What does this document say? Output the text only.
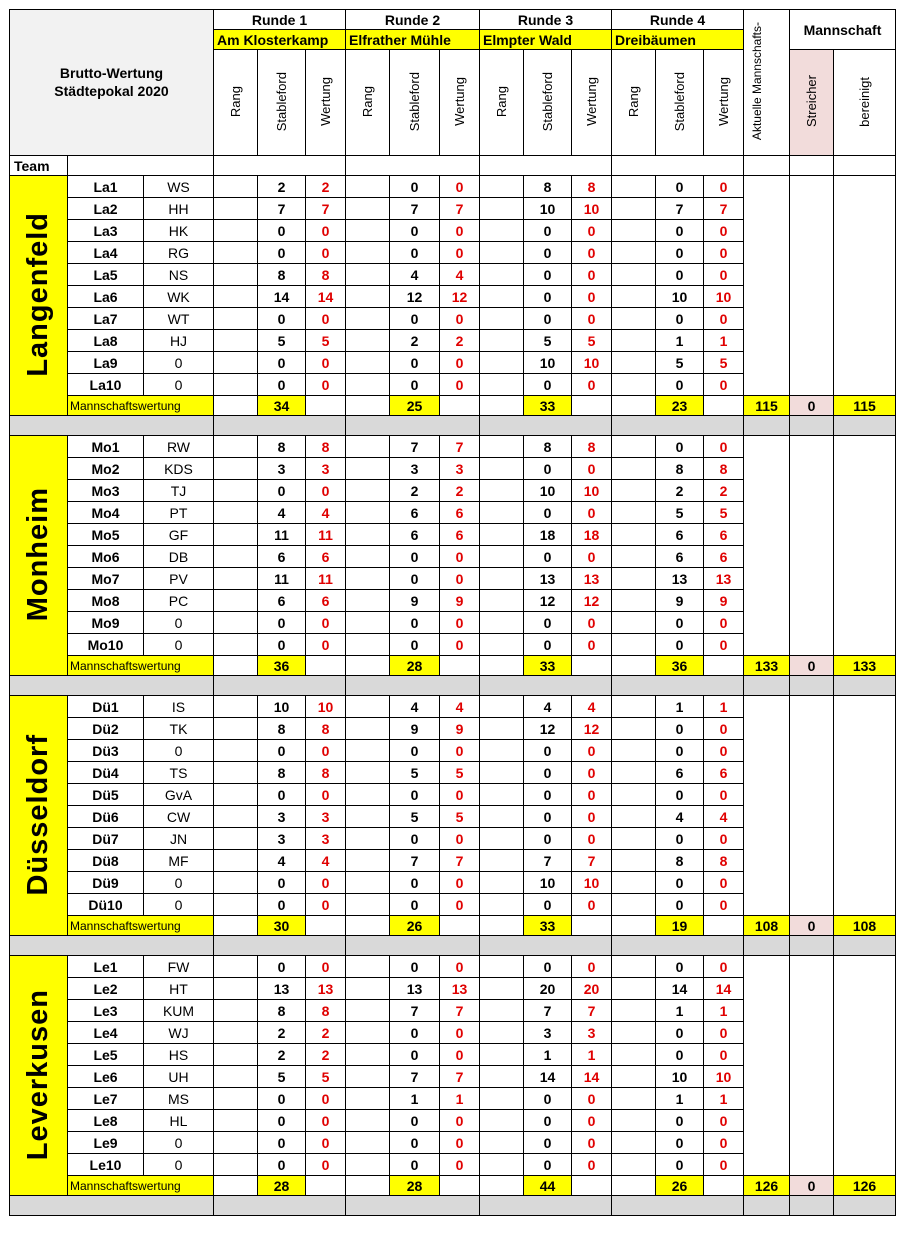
Brutto-Wertung
Städtepokal 2020			Runde 1			Runde 2			Runde 3			Runde 4			Aktuelle Mannschafts-	Mannschaft	
			Am Klosterkamp			Elfrather Mühle			Elmpter Wald			Dreibäumen					
			Rang	Stableford	Wertung	Rang	Stableford	Wertung	Rang	Stableford	Wertung	Rang	Stableford	Wertung		Streicher	bereinigt
Team																	
Langenfeld	La1	WS		2	2		0	0		8	8		0	0			
	La2	HH		7	7		7	7		10	10		7	7			
	La3	HK		0	0		0	0		0	0		0	0			
	La4	RG		0	0		0	0		0	0		0	0			
	La5	NS		8	8		4	4		0	0		0	0			
	La6	WK		14	14		12	12		0	0		10	10			
	La7	WT		0	0		0	0		0	0		0	0			
	La8	HJ		5	5		2	2		5	5		1	1			
	La9	0		0	0		0	0		10	10		5	5			
	La10	0		0	0		0	0		0	0		0	0			
	Mannschaftswertung			34			25			33			23		115	0	115

Monheim	Mo1	RW		8	8		7	7		8	8		0	0			
	Mo2	KDS		3	3		3	3		0	0		8	8			
	Mo3	TJ		0	0		2	2		10	10		2	2			
	Mo4	PT		4	4		6	6		0	0		5	5			
	Mo5	GF		11	11		6	6		18	18		6	6			
	Mo6	DB		6	6		0	0		0	0		6	6			
	Mo7	PV		11	11		0	0		13	13		13	13			
	Mo8	PC		6	6		9	9		12	12		9	9			
	Mo9	0		0	0		0	0		0	0		0	0			
	Mo10	0		0	0		0	0		0	0		0	0			
	Mannschaftswertung			36			28			33			36		133	0	133

Düsseldorf	Dü1	IS		10	10		4	4		4	4		1	1			
	Dü2	TK		8	8		9	9		12	12		0	0			
	Dü3	0		0	0		0	0		0	0		0	0			
	Dü4	TS		8	8		5	5		0	0		6	6			
	Dü5	GvA		0	0		0	0		0	0		0	0			
	Dü6	CW		3	3		5	5		0	0		4	4			
	Dü7	JN		3	3		0	0		0	0		0	0			
	Dü8	MF		4	4		7	7		7	7		8	8			
	Dü9	0		0	0		0	0		10	10		0	0			
	Dü10	0		0	0		0	0		0	0		0	0			
	Mannschaftswertung			30			26			33			19		108	0	108

Leverkusen	Le1	FW		0	0		0	0		0	0		0	0			
	Le2	HT		13	13		13	13		20	20		14	14			
	Le3	KUM		8	8		7	7		7	7		1	1			
	Le4	WJ		2	2		0	0		3	3		0	0			
	Le5	HS		2	2		0	0		1	1		0	0			
	Le6	UH		5	5		7	7		14	14		10	10			
	Le7	MS		0	0		1	1		0	0		1	1			
	Le8	HL		0	0		0	0		0	0		0	0			
	Le9	0		0	0		0	0		0	0		0	0			
	Le10	0		0	0		0	0		0	0		0	0			
	Mannschaftswertung			28			28			44			26		126	0	126
